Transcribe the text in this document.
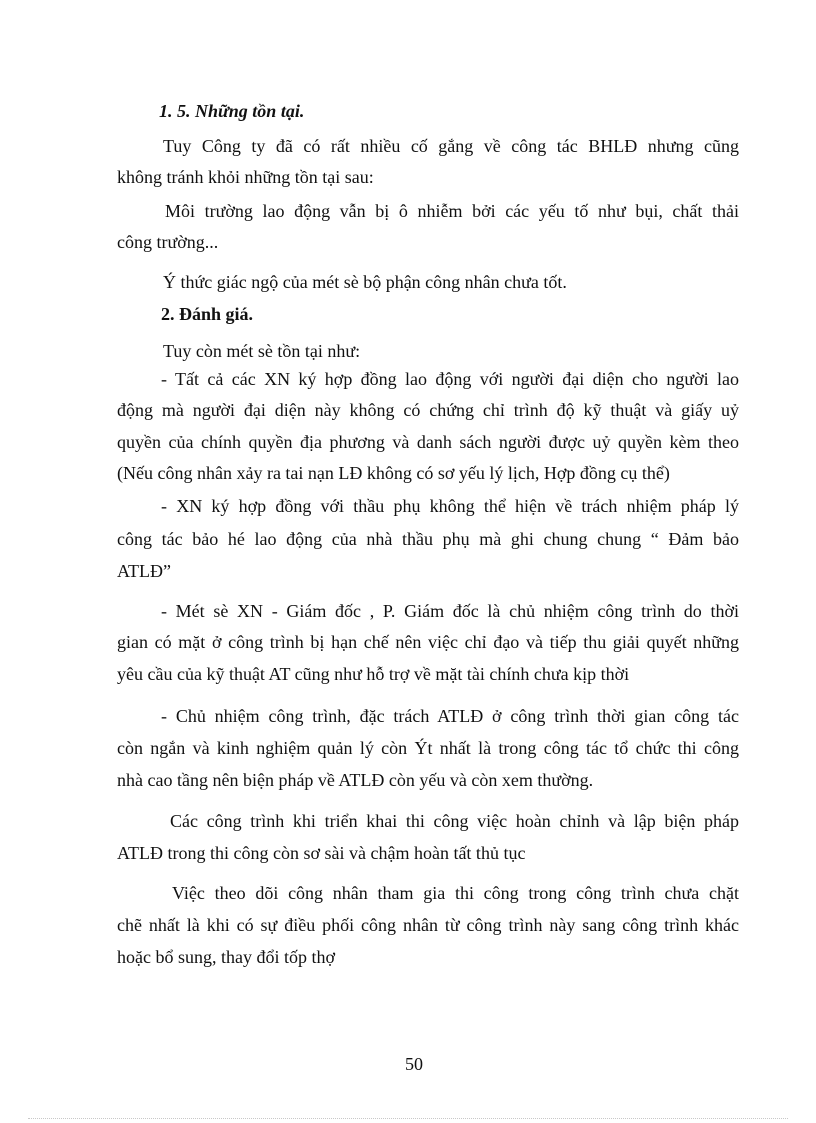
1. 5. Những tồn tại.
Tuy Công ty đã có rất nhiều cố gắng về công tác BHLĐ nhưng cũng
không tránh khỏi những tồn tại sau:
Môi trường lao động vẫn bị ô nhiễm bởi các yếu tố như bụi, chất thải
công trường...
Ý thức giác ngộ của mét sè bộ phận công nhân chưa tốt.
2. Đánh giá.
Tuy còn mét sè tồn tại như:
- Tất cả các XN ký hợp đồng lao động với người đại diện cho người lao
động mà người đại diện này không có chứng chỉ trình độ kỹ thuật và giấy uỷ
quyền của chính quyền địa phương và danh sách người được uỷ quyền kèm theo
(Nếu công nhân xảy ra tai nạn LĐ không có sơ yếu lý lịch, Hợp đồng cụ thể)
- XN ký hợp đồng với thầu phụ không thể hiện về trách nhiệm pháp lý
công tác bảo hé lao động của nhà thầu phụ mà ghi chung chung “ Đảm bảo
ATLĐ”
- Mét sè XN - Giám đốc , P. Giám đốc là chủ nhiệm công trình do thời
gian có mặt ở công trình bị hạn chế nên việc chỉ đạo và tiếp thu giải quyết những
yêu cầu của kỹ thuật AT cũng như hỗ trợ về mặt tài chính chưa kịp thời
- Chủ nhiệm công trình, đặc trách ATLĐ ở công trình thời gian công tác
còn ngắn và kinh nghiệm quản lý còn Ýt nhất là trong công tác tổ chức thi công
nhà cao tầng nên biện pháp về ATLĐ còn yếu và còn xem thường.
Các công trình khi triển khai thi công việc hoàn chỉnh và lập biện pháp
ATLĐ trong thi công còn sơ sài và chậm hoàn tất thủ tục
Việc theo dõi công nhân tham gia thi công trong công trình chưa chặt
chẽ nhất là khi có sự điều phối công nhân từ công trình này sang công trình khác
hoặc bổ sung, thay đổi tốp thợ
50
